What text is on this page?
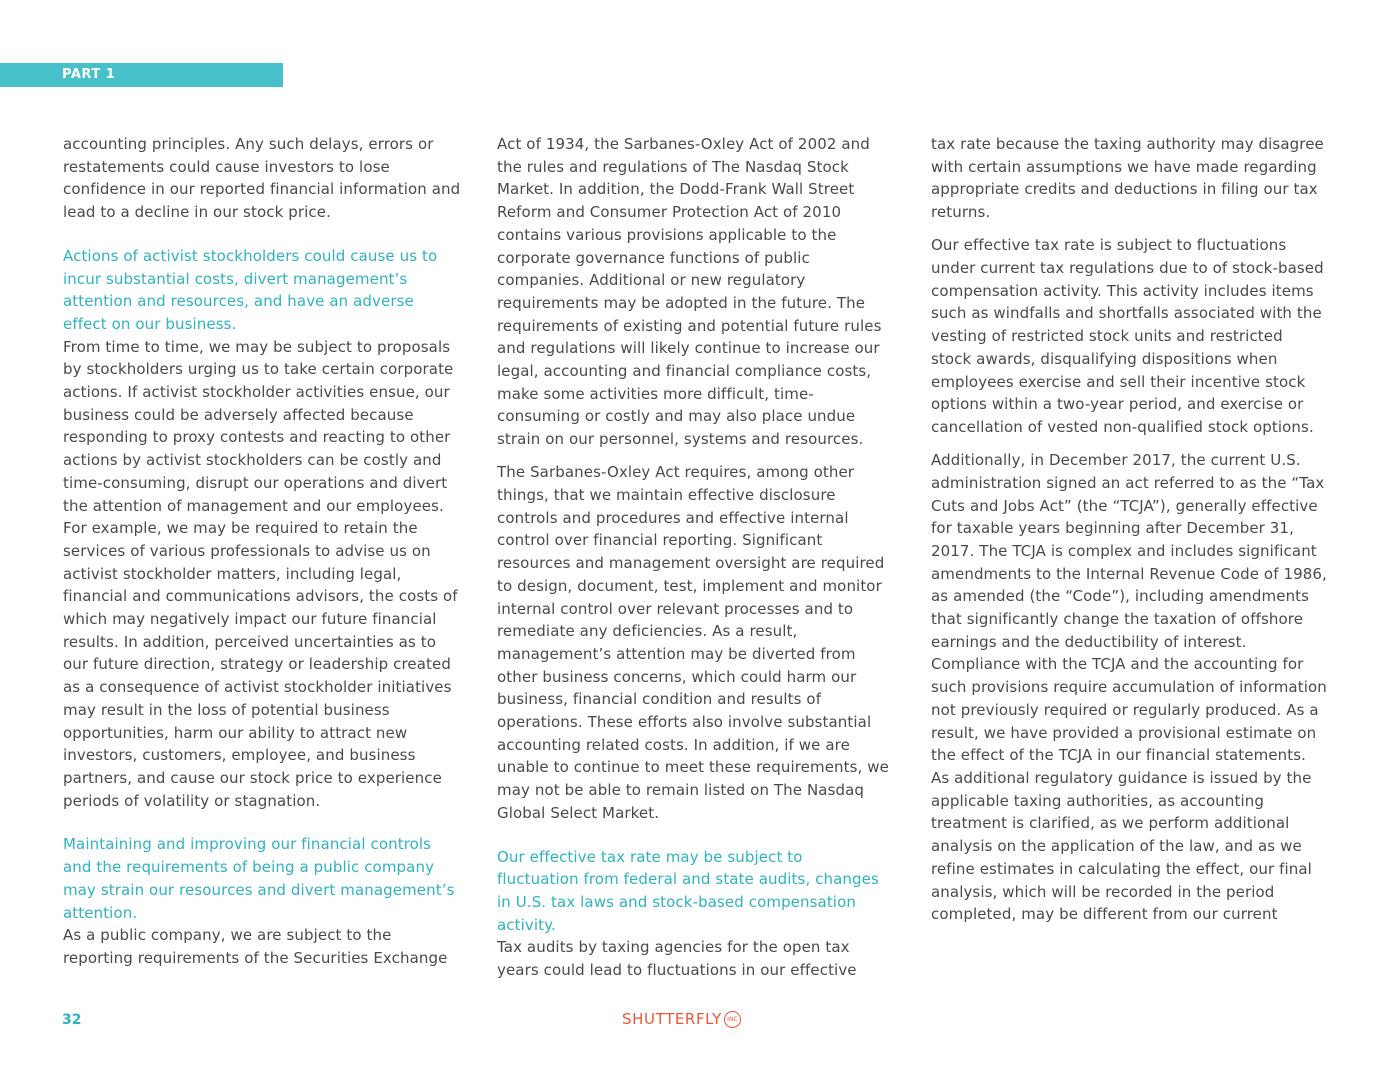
PART 1

accounting principles. Any such delays, errors or restatements could cause investors to lose confidence in our reported financial information and lead to a decline in our stock price.

Actions of activist stockholders could cause us to incur substantial costs, divert management’s attention and resources, and have an adverse effect on our business.

From time to time, we may be subject to proposals by stockholders urging us to take certain corporate actions. If activist stockholder activities ensue, our business could be adversely affected because responding to proxy contests and reacting to other actions by activist stockholders can be costly and time-consuming, disrupt our operations and divert the attention of management and our employees. For example, we may be required to retain the services of various professionals to advise us on activist stockholder matters, including legal, financial and communications advisors, the costs of which may negatively impact our future financial results. In addition, perceived uncertainties as to our future direction, strategy or leadership created as a consequence of activist stockholder initiatives may result in the loss of potential business opportunities, harm our ability to attract new investors, customers, employee, and business partners, and cause our stock price to experience periods of volatility or stagnation.

Maintaining and improving our financial controls and the requirements of being a public company may strain our resources and divert management’s attention.

As a public company, we are subject to the reporting requirements of the Securities Exchange

Act of 1934, the Sarbanes-Oxley Act of 2002 and the rules and regulations of The Nasdaq Stock Market. In addition, the Dodd-Frank Wall Street Reform and Consumer Protection Act of 2010 contains various provisions applicable to the corporate governance functions of public companies. Additional or new regulatory requirements may be adopted in the future. The requirements of existing and potential future rules and regulations will likely continue to increase our legal, accounting and financial compliance costs, make some activities more difficult, time-consuming or costly and may also place undue strain on our personnel, systems and resources.

The Sarbanes-Oxley Act requires, among other things, that we maintain effective disclosure controls and procedures and effective internal control over financial reporting. Significant resources and management oversight are required to design, document, test, implement and monitor internal control over relevant processes and to remediate any deficiencies. As a result, management’s attention may be diverted from other business concerns, which could harm our business, financial condition and results of operations. These efforts also involve substantial accounting related costs. In addition, if we are unable to continue to meet these requirements, we may not be able to remain listed on The Nasdaq Global Select Market.

Our effective tax rate may be subject to fluctuation from federal and state audits, changes in U.S. tax laws and stock-based compensation activity.

Tax audits by taxing agencies for the open tax years could lead to fluctuations in our effective

tax rate because the taxing authority may disagree with certain assumptions we have made regarding appropriate credits and deductions in filing our tax returns.

Our effective tax rate is subject to fluctuations under current tax regulations due to of stock-based compensation activity. This activity includes items such as windfalls and shortfalls associated with the vesting of restricted stock units and restricted stock awards, disqualifying dispositions when employees exercise and sell their incentive stock options within a two-year period, and exercise or cancellation of vested non-qualified stock options.

Additionally, in December 2017, the current U.S. administration signed an act referred to as the “Tax Cuts and Jobs Act” (the “TCJA”), generally effective for taxable years beginning after December 31, 2017. The TCJA is complex and includes significant amendments to the Internal Revenue Code of 1986, as amended (the “Code”), including amendments that significantly change the taxation of offshore earnings and the deductibility of interest. Compliance with the TCJA and the accounting for such provisions require accumulation of information not previously required or regularly produced. As a result, we have provided a provisional estimate on the effect of the TCJA in our financial statements. As additional regulatory guidance is issued by the applicable taxing authorities, as accounting treatment is clarified, as we perform additional analysis on the application of the law, and as we refine estimates in calculating the effect, our final analysis, which will be recorded in the period completed, may be different from our current

32	SHUTTERFLY INC
